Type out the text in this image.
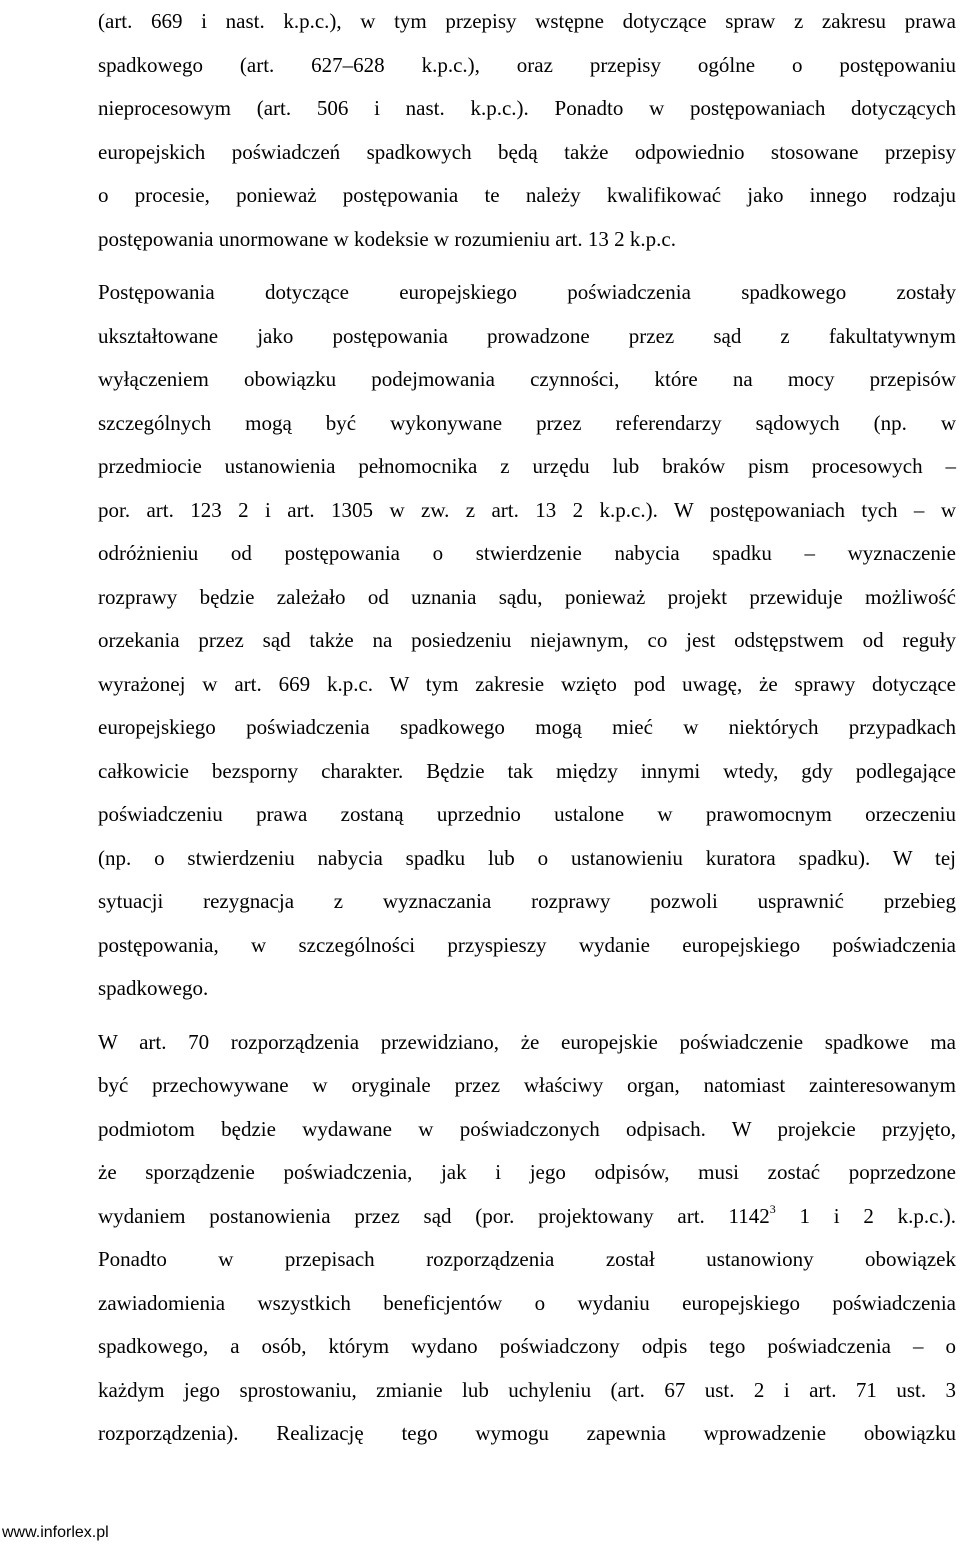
(art. 669 i nast. k.p.c.), w tym przepisy wstępne dotyczące spraw z zakresu prawa
spadkowego (art. 627–628 k.p.c.), oraz przepisy ogólne o postępowaniu
nieprocesowym (art. 506 i nast. k.p.c.). Ponadto w postępowaniach dotyczących
europejskich poświadczeń spadkowych będą także odpowiednio stosowane przepisy
o procesie, ponieważ postępowania te należy kwalifikować jako innego rodzaju
postępowania unormowane w kodeksie w rozumieniu art. 13 2 k.p.c.
Postępowania dotyczące europejskiego poświadczenia spadkowego zostały
ukształtowane jako postępowania prowadzone przez sąd z fakultatywnym
wyłączeniem obowiązku podejmowania czynności, które na mocy przepisów
szczególnych mogą być wykonywane przez referendarzy sądowych (np. w
przedmiocie ustanowienia pełnomocnika z urzędu lub braków pism procesowych –
por. art. 123 2 i art. 1305 w zw. z art. 13 2 k.p.c.). W postępowaniach tych – w
odróżnieniu od postępowania o stwierdzenie nabycia spadku – wyznaczenie
rozprawy będzie zależało od uznania sądu, ponieważ projekt przewiduje możliwość
orzekania przez sąd także na posiedzeniu niejawnym, co jest odstępstwem od reguły
wyrażonej w art. 669 k.p.c. W tym zakresie wzięto pod uwagę, że sprawy dotyczące
europejskiego poświadczenia spadkowego mogą mieć w niektórych przypadkach
całkowicie bezsporny charakter. Będzie tak między innymi wtedy, gdy podlegające
poświadczeniu prawa zostaną uprzednio ustalone w prawomocnym orzeczeniu
(np. o stwierdzeniu nabycia spadku lub o ustanowieniu kuratora spadku). W tej
sytuacji rezygnacja z wyznaczania rozprawy pozwoli usprawnić przebieg
postępowania, w szczególności przyspieszy wydanie europejskiego poświadczenia
spadkowego.
W art. 70 rozporządzenia przewidziano, że europejskie poświadczenie spadkowe ma
być przechowywane w oryginale przez właściwy organ, natomiast zainteresowanym
podmiotom będzie wydawane w poświadczonych odpisach. W projekcie przyjęto,
że sporządzenie poświadczenia, jak i jego odpisów, musi zostać poprzedzone
wydaniem postanowienia przez sąd (por. projektowany art. 1142$^3$ 1 i 2 k.p.c.).
Ponadto w przepisach rozporządzenia został ustanowiony obowiązek
zawiadomienia wszystkich beneficjentów o wydaniu europejskiego poświadczenia
spadkowego, a osób, którym wydano poświadczony odpis tego poświadczenia – o
każdym jego sprostowaniu, zmianie lub uchyleniu (art. 67 ust. 2 i art. 71 ust. 3
rozporządzenia). Realizację tego wymogu zapewnia wprowadzenie obowiązku
www.inforlex.pl
